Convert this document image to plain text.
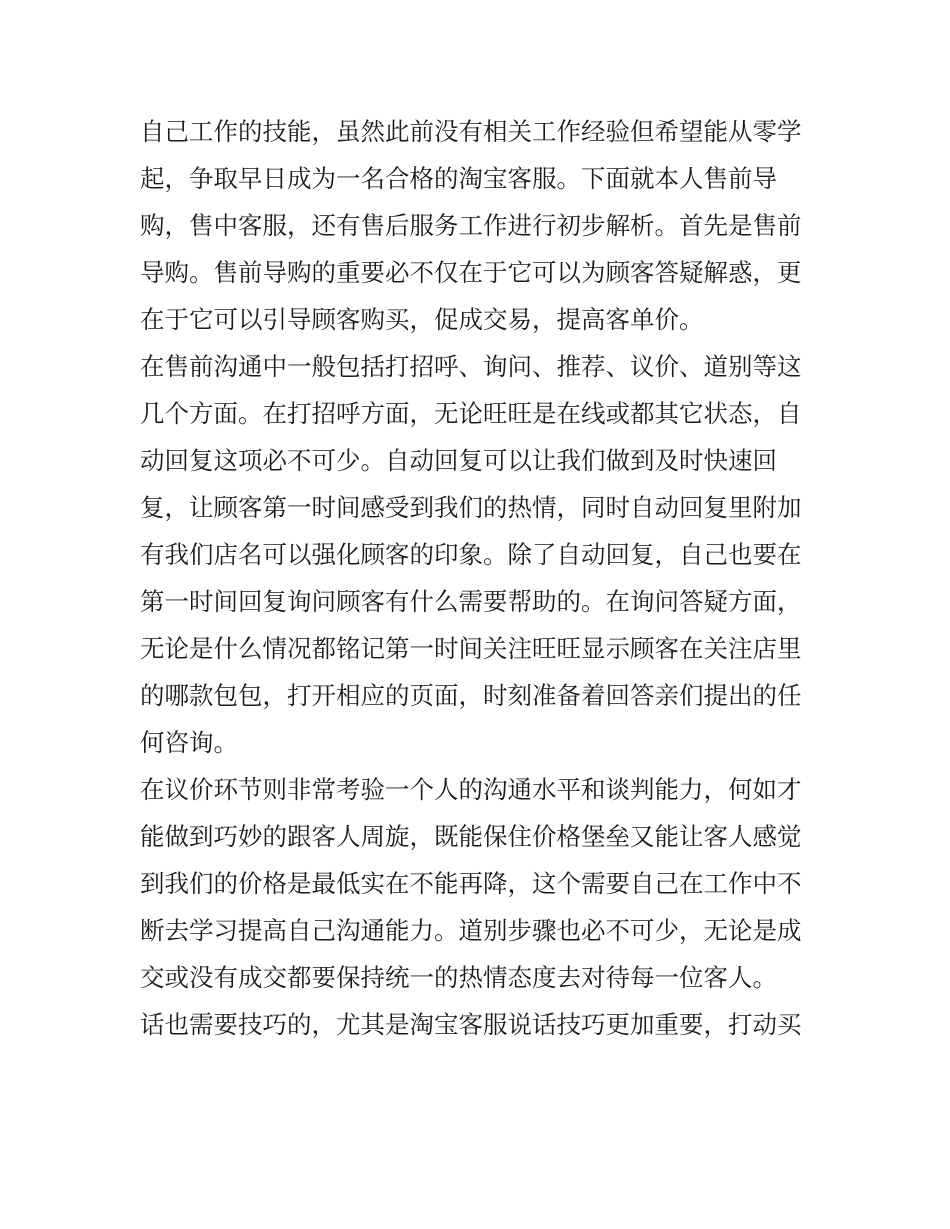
自己工作的技能，虽然此前没有相关工作经验但希望能从零学
起，争取早日成为一名合格的淘宝客服。下面就本人售前导
购，售中客服，还有售后服务工作进行初步解析。首先是售前
导购。售前导购的重要必不仅在于它可以为顾客答疑解惑，更
在于它可以引导顾客购买，促成交易，提高客单价。
在售前沟通中一般包括打招呼、询问、推荐、议价、道别等这
几个方面。在打招呼方面，无论旺旺是在线或都其它状态，自
动回复这项必不可少。自动回复可以让我们做到及时快速回
复，让顾客第一时间感受到我们的热情，同时自动回复里附加
有我们店名可以强化顾客的印象。除了自动回复，自己也要在
第一时间回复询问顾客有什么需要帮助的。在询问答疑方面，
无论是什么情况都铭记第一时间关注旺旺显示顾客在关注店里
的哪款包包，打开相应的页面，时刻准备着回答亲们提出的任
何咨询。
在议价环节则非常考验一个人的沟通水平和谈判能力，何如才
能做到巧妙的跟客人周旋，既能保住价格堡垒又能让客人感觉
到我们的价格是最低实在不能再降，这个需要自己在工作中不
断去学习提高自己沟通能力。道别步骤也必不可少，无论是成
交或没有成交都要保持统一的热情态度去对待每一位客人。
话也需要技巧的，尤其是淘宝客服说话技巧更加重要，打动买
